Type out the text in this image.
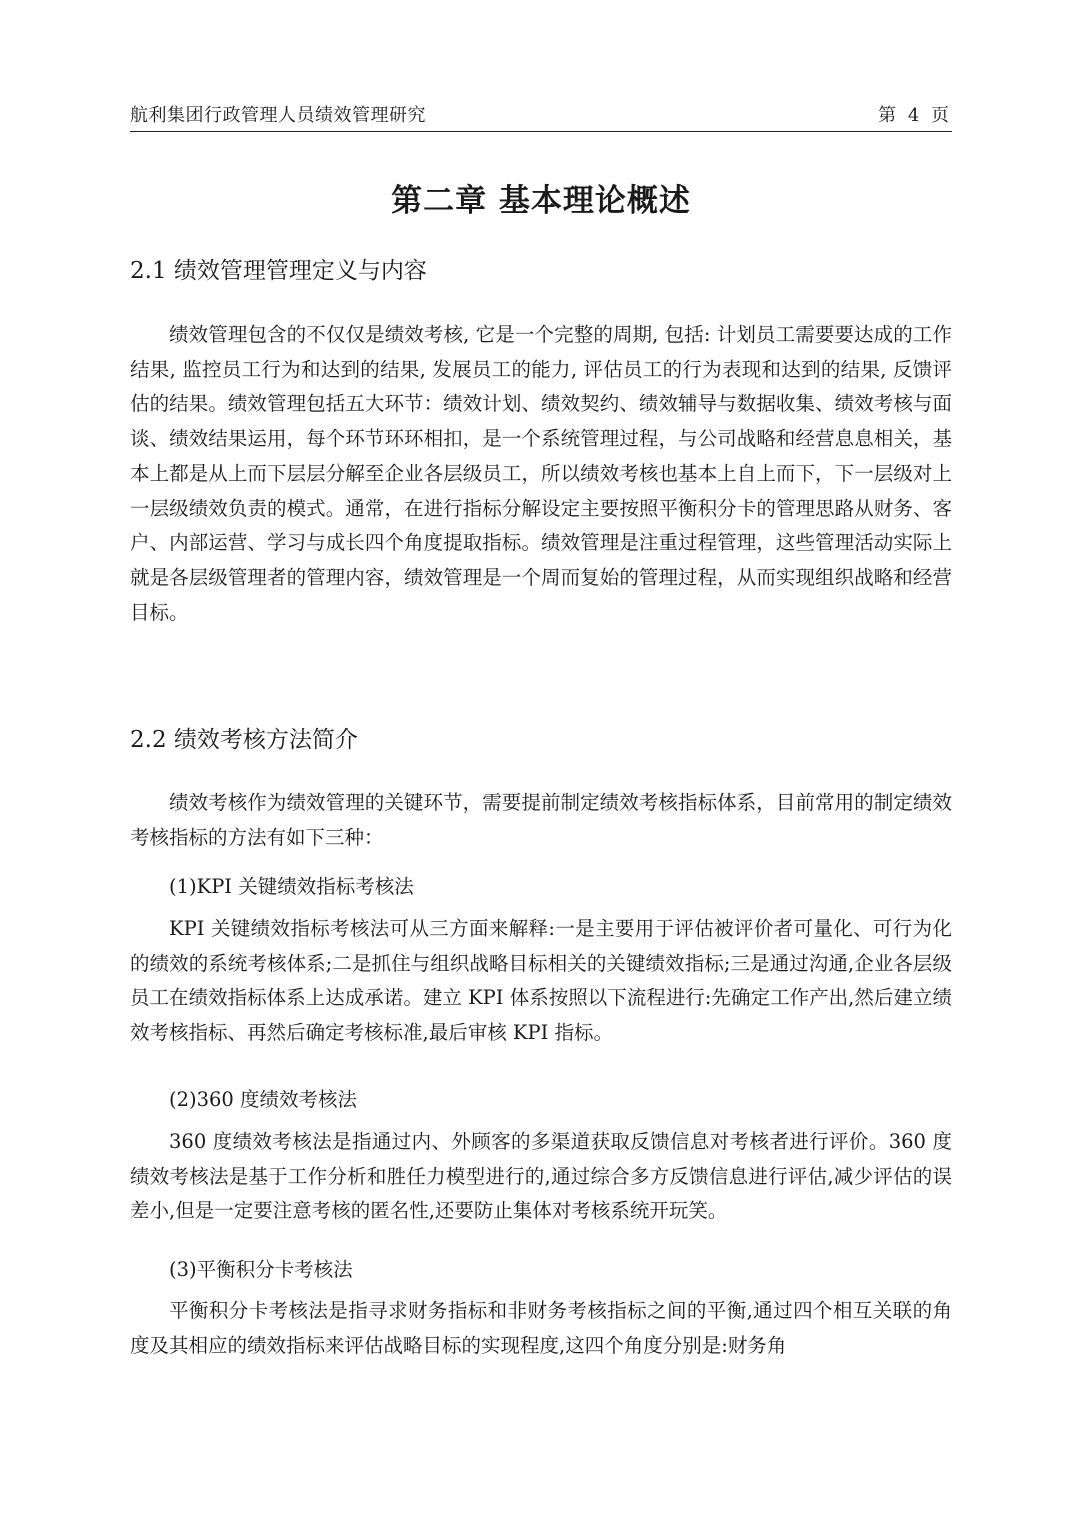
航利集团行政管理人员绩效管理研究	第 4 页
第二章 基本理论概述
2.1 绩效管理管理定义与内容

绩效管理包含的不仅仅是绩效考核, 它是一个完整的周期, 包括: 计划员工需要要达成的工作结果, 监控员工行为和达到的结果, 发展员工的能力, 评估员工的行为表现和达到的结果, 反馈评估的结果。绩效管理包括五大环节：绩效计划、绩效契约、绩效辅导与数据收集、绩效考核与面谈、绩效结果运用，每个环节环环相扣，是一个系统管理过程，与公司战略和经营息息相关，基本上都是从上而下层层分解至企业各层级员工，所以绩效考核也基本上自上而下，下一层级对上一层级绩效负责的模式。通常，在进行指标分解设定主要按照平衡积分卡的管理思路从财务、客户、内部运营、学习与成长四个角度提取指标。绩效管理是注重过程管理，这些管理活动实际上就是各层级管理者的管理内容，绩效管理是一个周而复始的管理过程，从而实现组织战略和经营目标。

2.2 绩效考核方法简介

绩效考核作为绩效管理的关键环节，需要提前制定绩效考核指标体系，目前常用的制定绩效考核指标的方法有如下三种：

(1)KPI 关键绩效指标考核法

KPI 关键绩效指标考核法可从三方面来解释:一是主要用于评估被评价者可量化、可行为化的绩效的系统考核体系;二是抓住与组织战略目标相关的关键绩效指标;三是通过沟通,企业各层级员工在绩效指标体系上达成承诺。建立 KPI 体系按照以下流程进行:先确定工作产出,然后建立绩效考核指标、再然后确定考核标准,最后审核 KPI 指标。

(2)360 度绩效考核法

360 度绩效考核法是指通过内、外顾客的多渠道获取反馈信息对考核者进行评价。360 度绩效考核法是基于工作分析和胜任力模型进行的,通过综合多方反馈信息进行评估,减少评估的误差小,但是一定要注意考核的匿名性,还要防止集体对考核系统开玩笑。

(3)平衡积分卡考核法

平衡积分卡考核法是指寻求财务指标和非财务考核指标之间的平衡,通过四个相互关联的角度及其相应的绩效指标来评估战略目标的实现程度,这四个角度分别是:财务角
